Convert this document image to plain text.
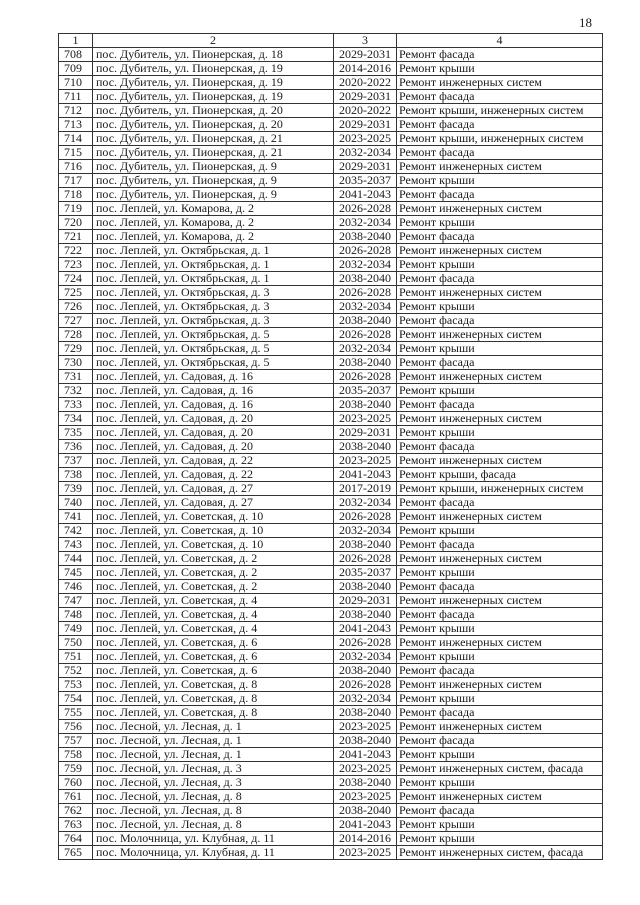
18
1	2	3	4
708	пос. Дубитель, ул. Пионерская, д. 18	2029-2031	Ремонт фасада
709	пос. Дубитель, ул. Пионерская, д. 19	2014-2016	Ремонт крыши
710	пос. Дубитель, ул. Пионерская, д. 19	2020-2022	Ремонт инженерных систем
711	пос. Дубитель, ул. Пионерская, д. 19	2029-2031	Ремонт фасада
712	пос. Дубитель, ул. Пионерская, д. 20	2020-2022	Ремонт крыши, инженерных систем
713	пос. Дубитель, ул. Пионерская, д. 20	2029-2031	Ремонт фасада
714	пос. Дубитель, ул. Пионерская, д. 21	2023-2025	Ремонт крыши, инженерных систем
715	пос. Дубитель, ул. Пионерская, д. 21	2032-2034	Ремонт фасада
716	пос. Дубитель, ул. Пионерская, д. 9	2029-2031	Ремонт инженерных систем
717	пос. Дубитель, ул. Пионерская, д. 9	2035-2037	Ремонт крыши
718	пос. Дубитель, ул. Пионерская, д. 9	2041-2043	Ремонт фасада
719	пос. Леплей, ул. Комарова, д. 2	2026-2028	Ремонт инженерных систем
720	пос. Леплей, ул. Комарова, д. 2	2032-2034	Ремонт крыши
721	пос. Леплей, ул. Комарова, д. 2	2038-2040	Ремонт фасада
722	пос. Леплей, ул. Октябрьская, д. 1	2026-2028	Ремонт инженерных систем
723	пос. Леплей, ул. Октябрьская, д. 1	2032-2034	Ремонт крыши
724	пос. Леплей, ул. Октябрьская, д. 1	2038-2040	Ремонт фасада
725	пос. Леплей, ул. Октябрьская, д. 3	2026-2028	Ремонт инженерных систем
726	пос. Леплей, ул. Октябрьская, д. 3	2032-2034	Ремонт крыши
727	пос. Леплей, ул. Октябрьская, д. 3	2038-2040	Ремонт фасада
728	пос. Леплей, ул. Октябрьская, д. 5	2026-2028	Ремонт инженерных систем
729	пос. Леплей, ул. Октябрьская, д. 5	2032-2034	Ремонт крыши
730	пос. Леплей, ул. Октябрьская, д. 5	2038-2040	Ремонт фасада
731	пос. Леплей, ул. Садовая, д. 16	2026-2028	Ремонт инженерных систем
732	пос. Леплей, ул. Садовая, д. 16	2035-2037	Ремонт крыши
733	пос. Леплей, ул. Садовая, д. 16	2038-2040	Ремонт фасада
734	пос. Леплей, ул. Садовая, д. 20	2023-2025	Ремонт инженерных систем
735	пос. Леплей, ул. Садовая, д. 20	2029-2031	Ремонт крыши
736	пос. Леплей, ул. Садовая, д. 20	2038-2040	Ремонт фасада
737	пос. Леплей, ул. Садовая, д. 22	2023-2025	Ремонт инженерных систем
738	пос. Леплей, ул. Садовая, д. 22	2041-2043	Ремонт крыши, фасада
739	пос. Леплей, ул. Садовая, д. 27	2017-2019	Ремонт крыши, инженерных систем
740	пос. Леплей, ул. Садовая, д. 27	2032-2034	Ремонт фасада
741	пос. Леплей, ул. Советская, д. 10	2026-2028	Ремонт инженерных систем
742	пос. Леплей, ул. Советская, д. 10	2032-2034	Ремонт крыши
743	пос. Леплей, ул. Советская, д. 10	2038-2040	Ремонт фасада
744	пос. Леплей, ул. Советская, д. 2	2026-2028	Ремонт инженерных систем
745	пос. Леплей, ул. Советская, д. 2	2035-2037	Ремонт крыши
746	пос. Леплей, ул. Советская, д. 2	2038-2040	Ремонт фасада
747	пос. Леплей, ул. Советская, д. 4	2029-2031	Ремонт инженерных систем
748	пос. Леплей, ул. Советская, д. 4	2038-2040	Ремонт фасада
749	пос. Леплей, ул. Советская, д. 4	2041-2043	Ремонт крыши
750	пос. Леплей, ул. Советская, д. 6	2026-2028	Ремонт инженерных систем
751	пос. Леплей, ул. Советская, д. 6	2032-2034	Ремонт крыши
752	пос. Леплей, ул. Советская, д. 6	2038-2040	Ремонт фасада
753	пос. Леплей, ул. Советская, д. 8	2026-2028	Ремонт инженерных систем
754	пос. Леплей, ул. Советская, д. 8	2032-2034	Ремонт крыши
755	пос. Леплей, ул. Советская, д. 8	2038-2040	Ремонт фасада
756	пос. Лесной, ул. Лесная, д. 1	2023-2025	Ремонт инженерных систем
757	пос. Лесной, ул. Лесная, д. 1	2038-2040	Ремонт фасада
758	пос. Лесной, ул. Лесная, д. 1	2041-2043	Ремонт крыши
759	пос. Лесной, ул. Лесная, д. 3	2023-2025	Ремонт инженерных систем, фасада
760	пос. Лесной, ул. Лесная, д. 3	2038-2040	Ремонт крыши
761	пос. Лесной, ул. Лесная, д. 8	2023-2025	Ремонт инженерных систем
762	пос. Лесной, ул. Лесная, д. 8	2038-2040	Ремонт фасада
763	пос. Лесной, ул. Лесная, д. 8	2041-2043	Ремонт крыши
764	пос. Молочница, ул. Клубная, д. 11	2014-2016	Ремонт крыши
765	пос. Молочница, ул. Клубная, д. 11	2023-2025	Ремонт инженерных систем, фасада
